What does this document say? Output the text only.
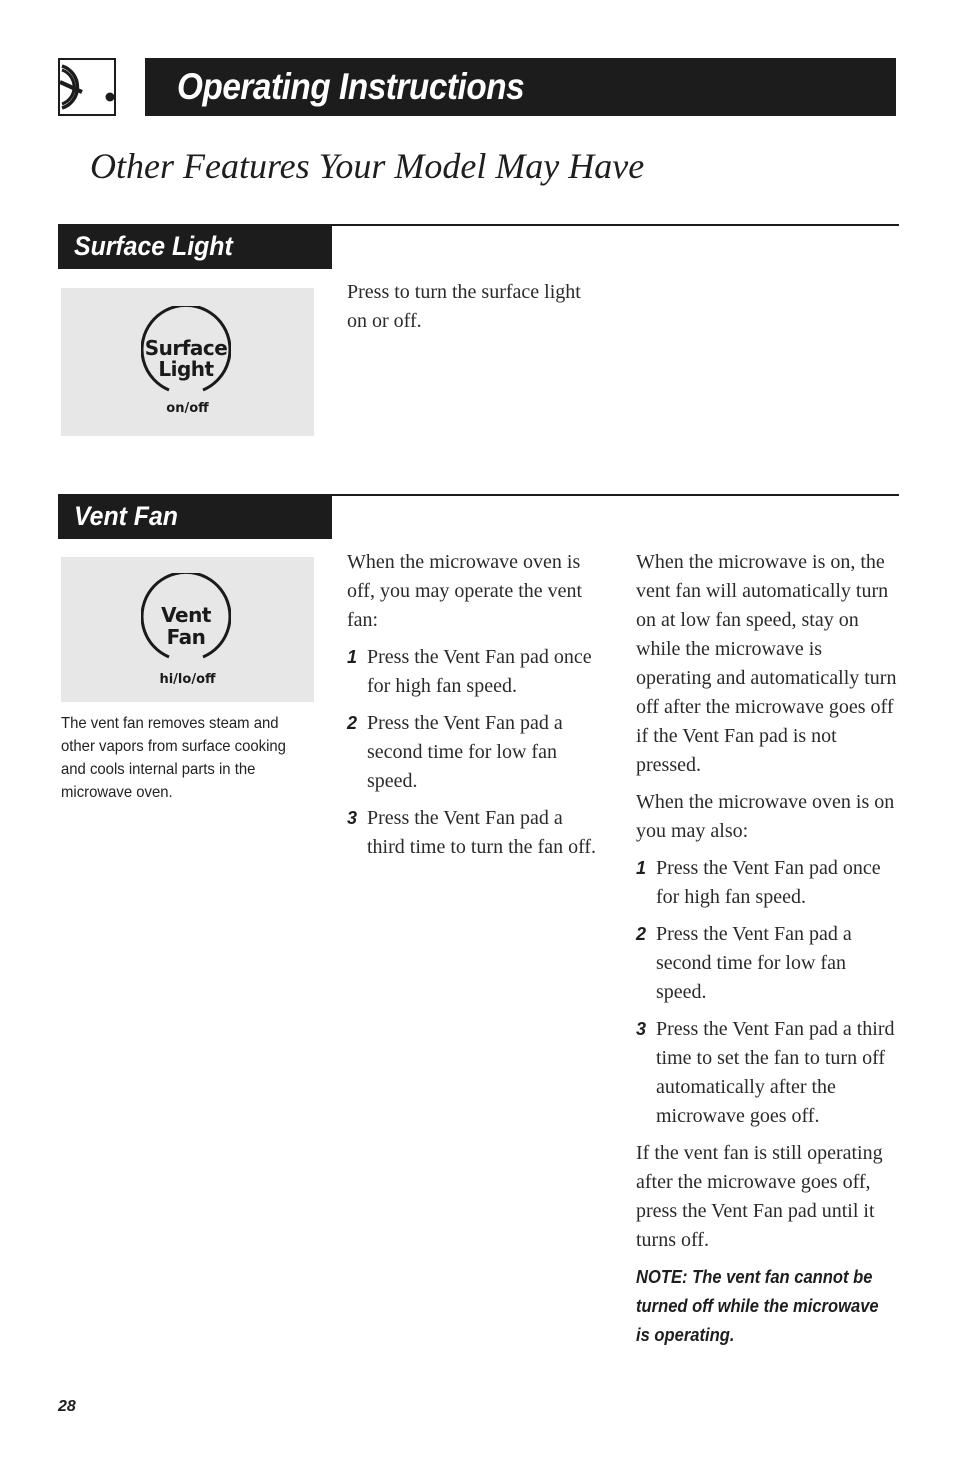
Operating Instructions
Other Features Your Model May Have
Surface Light
Surface
Light
on/off

Press to turn the surface light on or off.

Vent Fan
Vent
Fan
hi/lo/off
The vent fan removes steam and other vapors from surface cooking and cools internal parts in the microwave oven.

When the microwave oven is off, you may operate the vent fan:

1 Press the Vent Fan pad once for high fan speed.
2 Press the Vent Fan pad a second time for low fan speed.
3 Press the Vent Fan pad a third time to turn the fan off.

When the microwave is on, the vent fan will automatically turn on at low fan speed, stay on while the microwave is operating and automatically turn off after the microwave goes off if the Vent Fan pad is not pressed.

When the microwave oven is on you may also:

1 Press the Vent Fan pad once for high fan speed.
2 Press the Vent Fan pad a second time for low fan speed.
3 Press the Vent Fan pad a third time to set the fan to turn off automatically after the microwave goes off.

If the vent fan is still operating after the microwave goes off, press the Vent Fan pad until it turns off.

NOTE: The vent fan cannot be turned off while the microwave is operating.
28
